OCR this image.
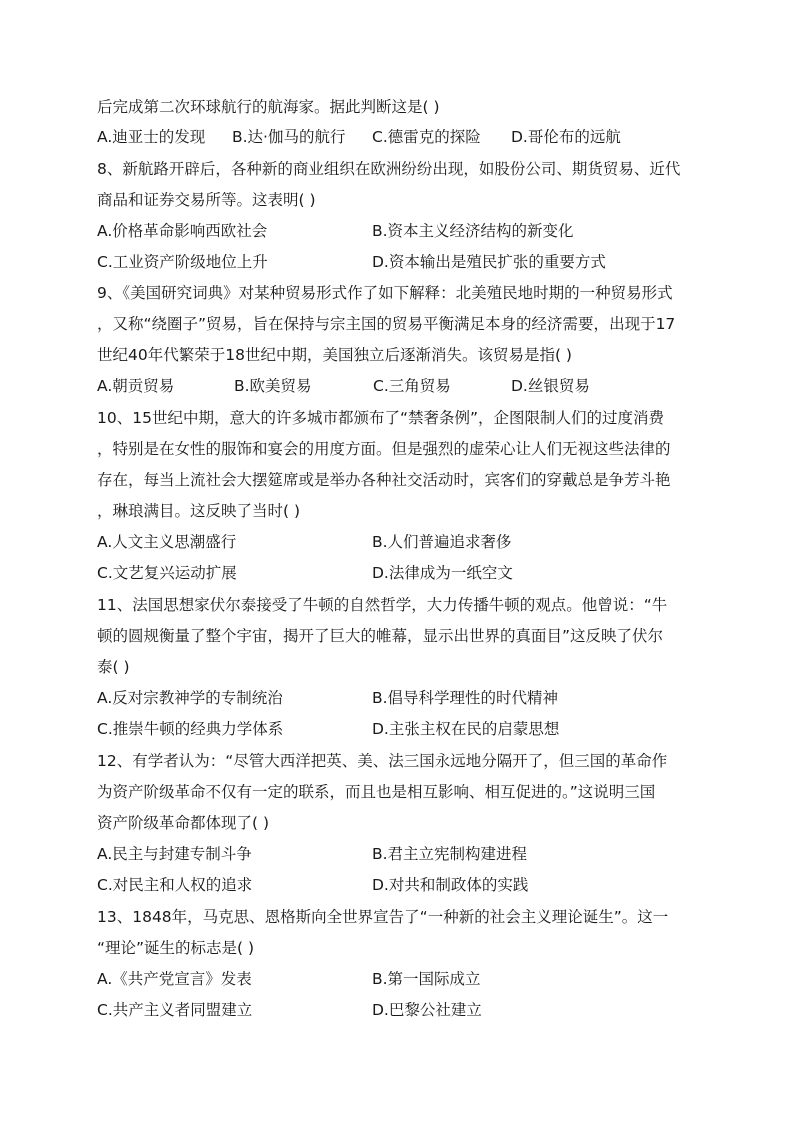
后完成第二次环球航行的航海家。据此判断这是( )
A.迪亚士的发现 B.达·伽马的航行 C.德雷克的探险 D.哥伦布的远航
8、新航路开辟后，各种新的商业组织在欧洲纷纷出现，如股份公司、期货贸易、近代
商品和证券交易所等。这表明( )
A.价格革命影响西欧社会	B.资本主义经济结构的新变化
C.工业资产阶级地位上升	D.资本输出是殖民扩张的重要方式
9、《美国研究词典》对某种贸易形式作了如下解释：北美殖民地时期的一种贸易形式
，又称“绕圈子”贸易，旨在保持与宗主国的贸易平衡满足本身的经济需要，出现于17
世纪40年代繁荣于18世纪中期，美国独立后逐渐消失。该贸易是指( )
A.朝贡贸易	B.欧美贸易	C.三角贸易	D.丝银贸易
10、15世纪中期，意大的许多城市都颁布了“禁奢条例”，企图限制人们的过度消费
，特别是在女性的服饰和宴会的用度方面。但是强烈的虚荣心让人们无视这些法律的
存在，每当上流社会大摆筵席或是举办各种社交活动时，宾客们的穿戴总是争芳斗艳
，琳琅满目。这反映了当时( )
A.人文主义思潮盛行	B.人们普遍追求奢侈
C.文艺复兴运动扩展	D.法律成为一纸空文
11、法国思想家伏尔泰接受了牛顿的自然哲学，大力传播牛顿的观点。他曾说：“牛
顿的圆规衡量了整个宇宙，揭开了巨大的帷幕，显示出世界的真面目”这反映了伏尔
泰( )
A.反对宗教神学的专制统治	B.倡导科学理性的时代精神
C.推崇牛顿的经典力学体系	D.主张主权在民的启蒙思想
12、有学者认为：“尽管大西洋把英、美、法三国永远地分隔开了，但三国的革命作
为资产阶级革命不仅有一定的联系，而且也是相互影响、相互促进的。”这说明三国
资产阶级革命都体现了( )
A.民主与封建专制斗争	B.君主立宪制构建进程
C.对民主和人权的追求	D.对共和制政体的实践
13、1848年，马克思、恩格斯向全世界宣告了“一种新的社会主义理论诞生”。这一
“理论”诞生的标志是( )
A.《共产党宣言》发表	B.第一国际成立
C.共产主义者同盟建立	D.巴黎公社建立
